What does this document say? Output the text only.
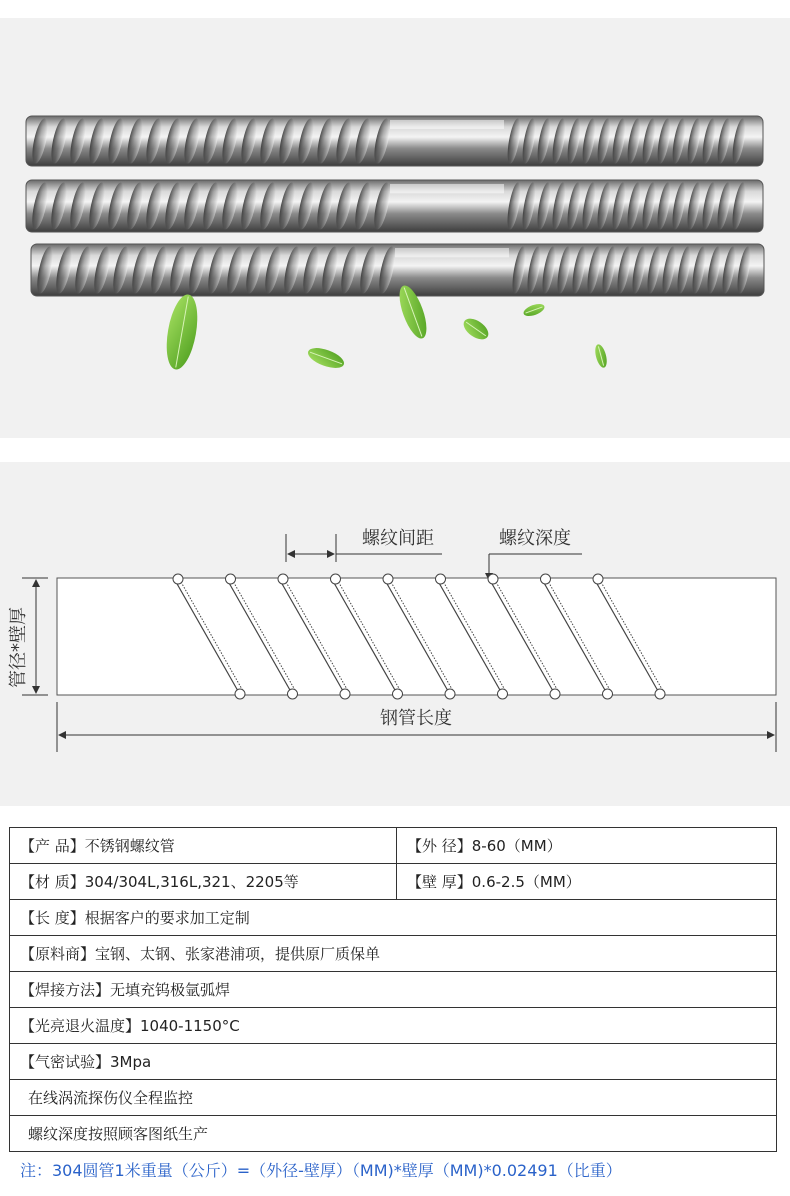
螺纹间距	螺纹深度
管径*壁厚
钢管长度
【产 品】不锈钢螺纹管	【外 径】8-60（MM）
【材 质】304/304L,316L,321、2205等	【壁 厚】0.6-2.5（MM）
【长 度】根据客户的要求加工定制	
【原料商】宝钢、太钢、张家港浦项，提供原厂质保单	
【焊接方法】无填充钨极氩弧焊	
【光亮退火温度】1040-1150°C	
【气密试验】3Mpa	
在线涡流探伤仪全程监控	
螺纹深度按照顾客图纸生产	
注：304圆管1米重量（公斤）=（外径-壁厚）（MM)*壁厚（MM)*0.02491（比重）
